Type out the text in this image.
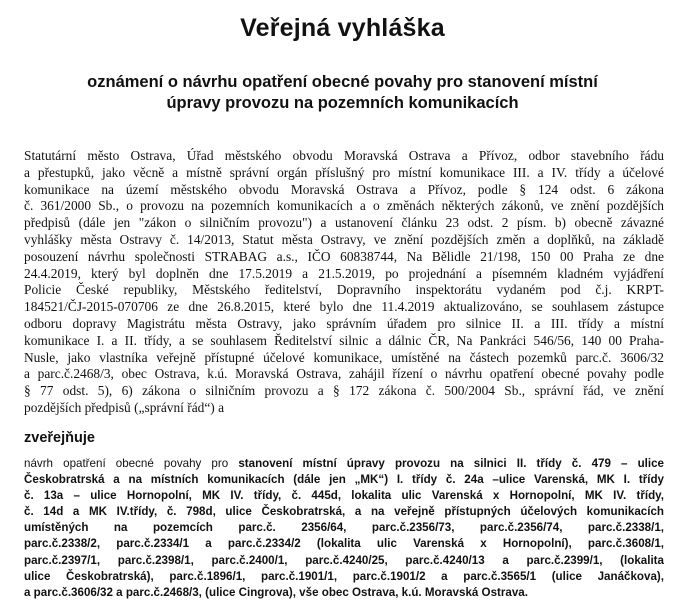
Veřejná vyhláška
oznámení o návrhu opatření obecné povahy pro stanovení místní
úpravy provozu na pozemních komunikacích
Statutární město Ostrava, Úřad městského obvodu Moravská Ostrava a Přívoz, odbor stavebního řádu
a přestupků, jako věcně a místně správní orgán příslušný pro místní komunikace III. a IV. třídy a účelové
komunikace na území městského obvodu Moravská Ostrava a Přívoz, podle § 124 odst. 6 zákona
č. 361/2000 Sb., o provozu na pozemních komunikacích a o změnách některých zákonů, ve znění pozdějších
předpisů (dále jen "zákon o silničním provozu") a ustanovení článku 23 odst. 2 písm. b) obecně závazné
vyhlášky města Ostravy č. 14/2013, Statut města Ostravy, ve znění pozdějších změn a doplňků, na základě
posouzení návrhu společnosti STRABAG a.s., IČO 60838744, Na Bělidle 21/198, 150 00 Praha ze dne
24.4.2019, který byl doplněn dne 17.5.2019 a 21.5.2019, po projednání a písemném kladném vyjádření
Policie České republiky, Městského ředitelství, Dopravního inspektorátu vydaném pod č.j. KRPT-
184521/ČJ-2015-070706 ze dne 26.8.2015, které bylo dne 11.4.2019 aktualizováno, se souhlasem zástupce
odboru dopravy Magistrátu města Ostravy, jako správním úřadem pro silnice II. a III. třídy a místní
komunikace I. a II. třídy, a se souhlasem Ředitelství silnic a dálnic ČR, Na Pankráci 546/56, 140 00 Praha-
Nusle, jako vlastníka veřejně přístupné účelové komunikace, umístěné na částech pozemků parc.č. 3606/32
a parc.č.2468/3, obec Ostrava, k.ú. Moravská Ostrava, zahájil řízení o návrhu opatření obecné povahy podle
§ 77 odst. 5), 6) zákona o silničním provozu a § 172 zákona č. 500/2004 Sb., správní řád, ve znění
pozdějších předpisů („správní řád“) a
zveřejňuje
návrh opatření obecné povahy pro stanovení místní úpravy provozu na silnici II. třídy č. 479 – ulice
Českobratrská a na místních komunikacích (dále jen „MK“) I. třídy č. 24a –ulice Varenská, MK I. třídy
č. 13a – ulice Hornopolní, MK IV. třídy, č. 445d, lokalita ulic Varenská x Hornopolní, MK IV. třídy,
č. 14d a MK IV.třídy, č. 798d, ulice Českobratrská, a na veřejně přístupných účelových komunikacích
umístěných na pozemcích parc.č. 2356/64, parc.č.2356/73, parc.č.2356/74, parc.č.2338/1,
parc.č.2338/2, parc.č.2334/1 a parc.č.2334/2 (lokalita ulic Varenská x Hornopolní), parc.č.3608/1,
parc.č.2397/1, parc.č.2398/1, parc.č.2400/1, parc.č.4240/25, parc.č.4240/13 a parc.č.2399/1, (lokalita
ulice Českobratrská), parc.č.1896/1, parc.č.1901/1, parc.č.1901/2 a parc.č.3565/1 (ulice Janáčkova),
a parc.č.3606/32 a parc.č.2468/3, (ulice Cingrova), vše obec Ostrava, k.ú. Moravská Ostrava.
